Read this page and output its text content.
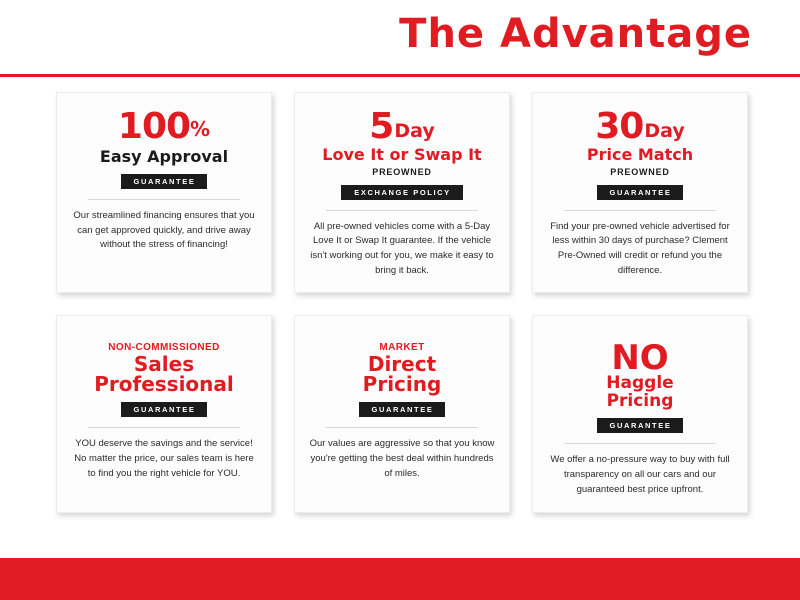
The Advantage
100 %
Easy Approval
GUARANTEE
Our streamlined financing ensures that you can get approved quickly, and drive away without the stress of financing!
5 Day
Love It or Swap It
PREOWNED
EXCHANGE POLICY
All pre-owned vehicles come with a 5-Day Love It or Swap It guarantee. If the vehicle isn't working out for you, we make it easy to bring it back.
30 Day
Price Match
PREOWNED
GUARANTEE
Find your pre-owned vehicle advertised for less within 30 days of purchase? Clement Pre-Owned will credit or refund you the difference.
NON-COMMISSIONED
Sales
Professional
GUARANTEE
YOU deserve the savings and the service! No matter the price, our sales team is here to find you the right vehicle for YOU.
MARKET
Direct
Pricing
GUARANTEE
Our values are aggressive so that you know you're getting the best deal within hundreds of miles.
NO
Haggle
Pricing
GUARANTEE
We offer a no-pressure way to buy with full transparency on all our cars and our guaranteed best price upfront.
